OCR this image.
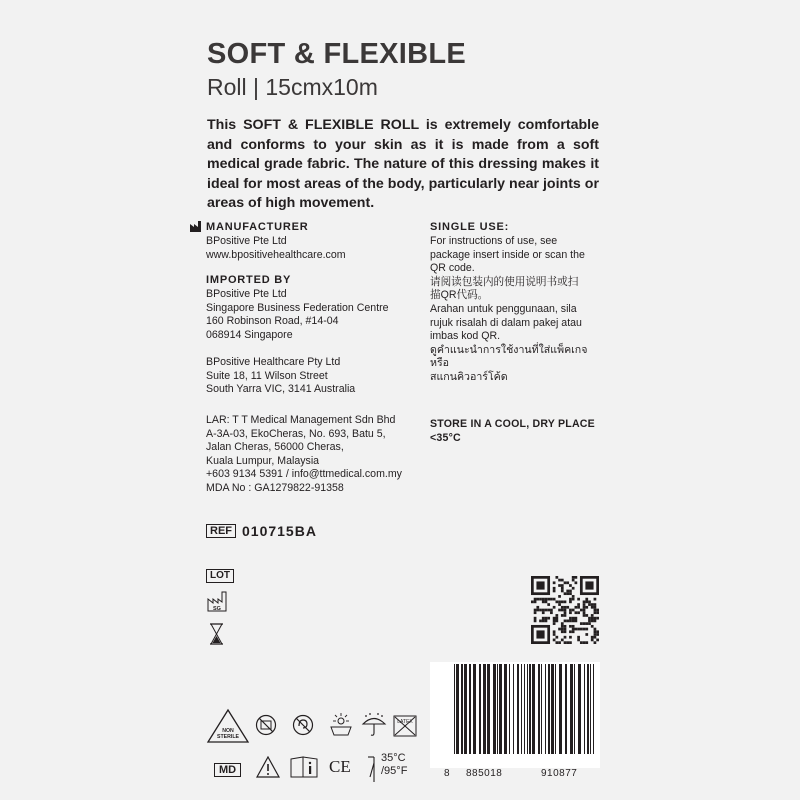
SOFT & FLEXIBLE
Roll | 15cmx10m
This SOFT & FLEXIBLE ROLL is extremely comfortable and conforms to your skin as it is made from a soft medical grade fabric. The nature of this dressing makes it ideal for most areas of the body, particularly near joints or areas of high movement.
MANUFACTURER
BPositive Pte Ltd
www.bpositivehealthcare.com
IMPORTED BY
BPositive Pte Ltd
Singapore Business Federation Centre
160 Robinson Road, #14-04
068914 Singapore
BPositive Healthcare Pty Ltd
Suite 18, 11 Wilson Street
South Yarra VIC, 3141 Australia
LAR: T T Medical Management Sdn Bhd
A-3A-03, EkoCheras, No. 693, Batu 5,
Jalan Cheras, 56000 Cheras,
Kuala Lumpur, Malaysia
+603 9134 5391 / info@ttmedical.com.my
MDA No : GA1279822-91358
SINGLE USE:
For instructions of use, see
package insert inside or scan the
QR code.
请阅读包装内的使用说明书或扫
描QR代码。
Arahan untuk penggunaan, sila
rujuk risalah di dalam pakej atau
imbas kod QR.
ดูคำแนะนำการใช้งานที่ใส่แพ็คเกจหรือ
สแกนคิวอาร์โค้ด
STORE IN A COOL, DRY PLACE
<35°C
REF 010715BA
LOT
SG
8 885018	910877
NON
STERILE
LATEX
MD	CE	35°C
/95°F
